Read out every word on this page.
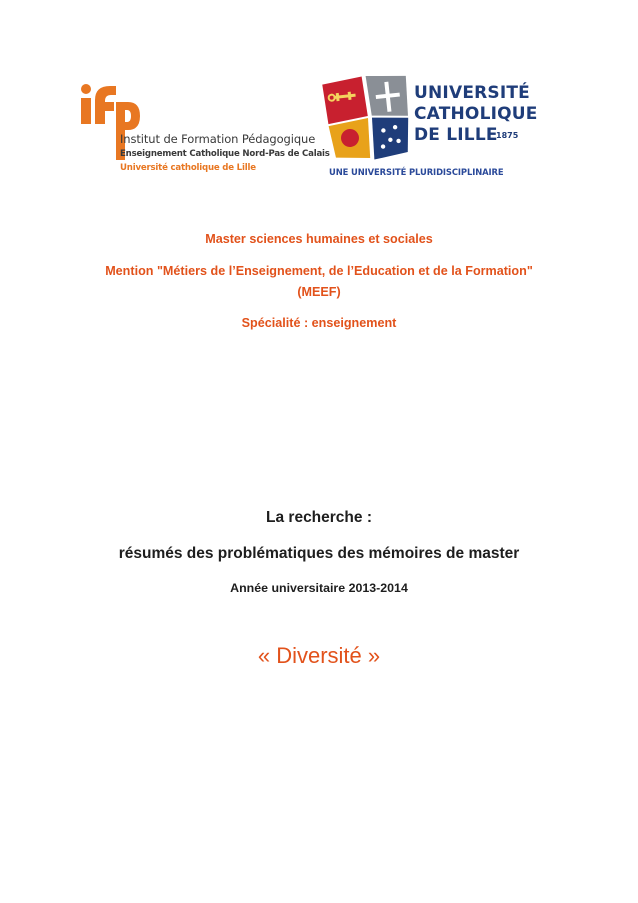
Institut de Formation Pédagogique
Enseignement Catholique Nord-Pas de Calais
Université catholique de Lille
UNIVERSITÉ
CATHOLIQUE
DE LILLE
1875
UNE UNIVERSITÉ PLURIDISCIPLINAIRE
Master sciences humaines et sociales
Mention "Métiers de l’Enseignement, de l’Education et de la Formation"
(MEEF)
Spécialité : enseignement
La recherche :
résumés des problématiques des mémoires de master
Année universitaire 2013-2014
« Diversité »
